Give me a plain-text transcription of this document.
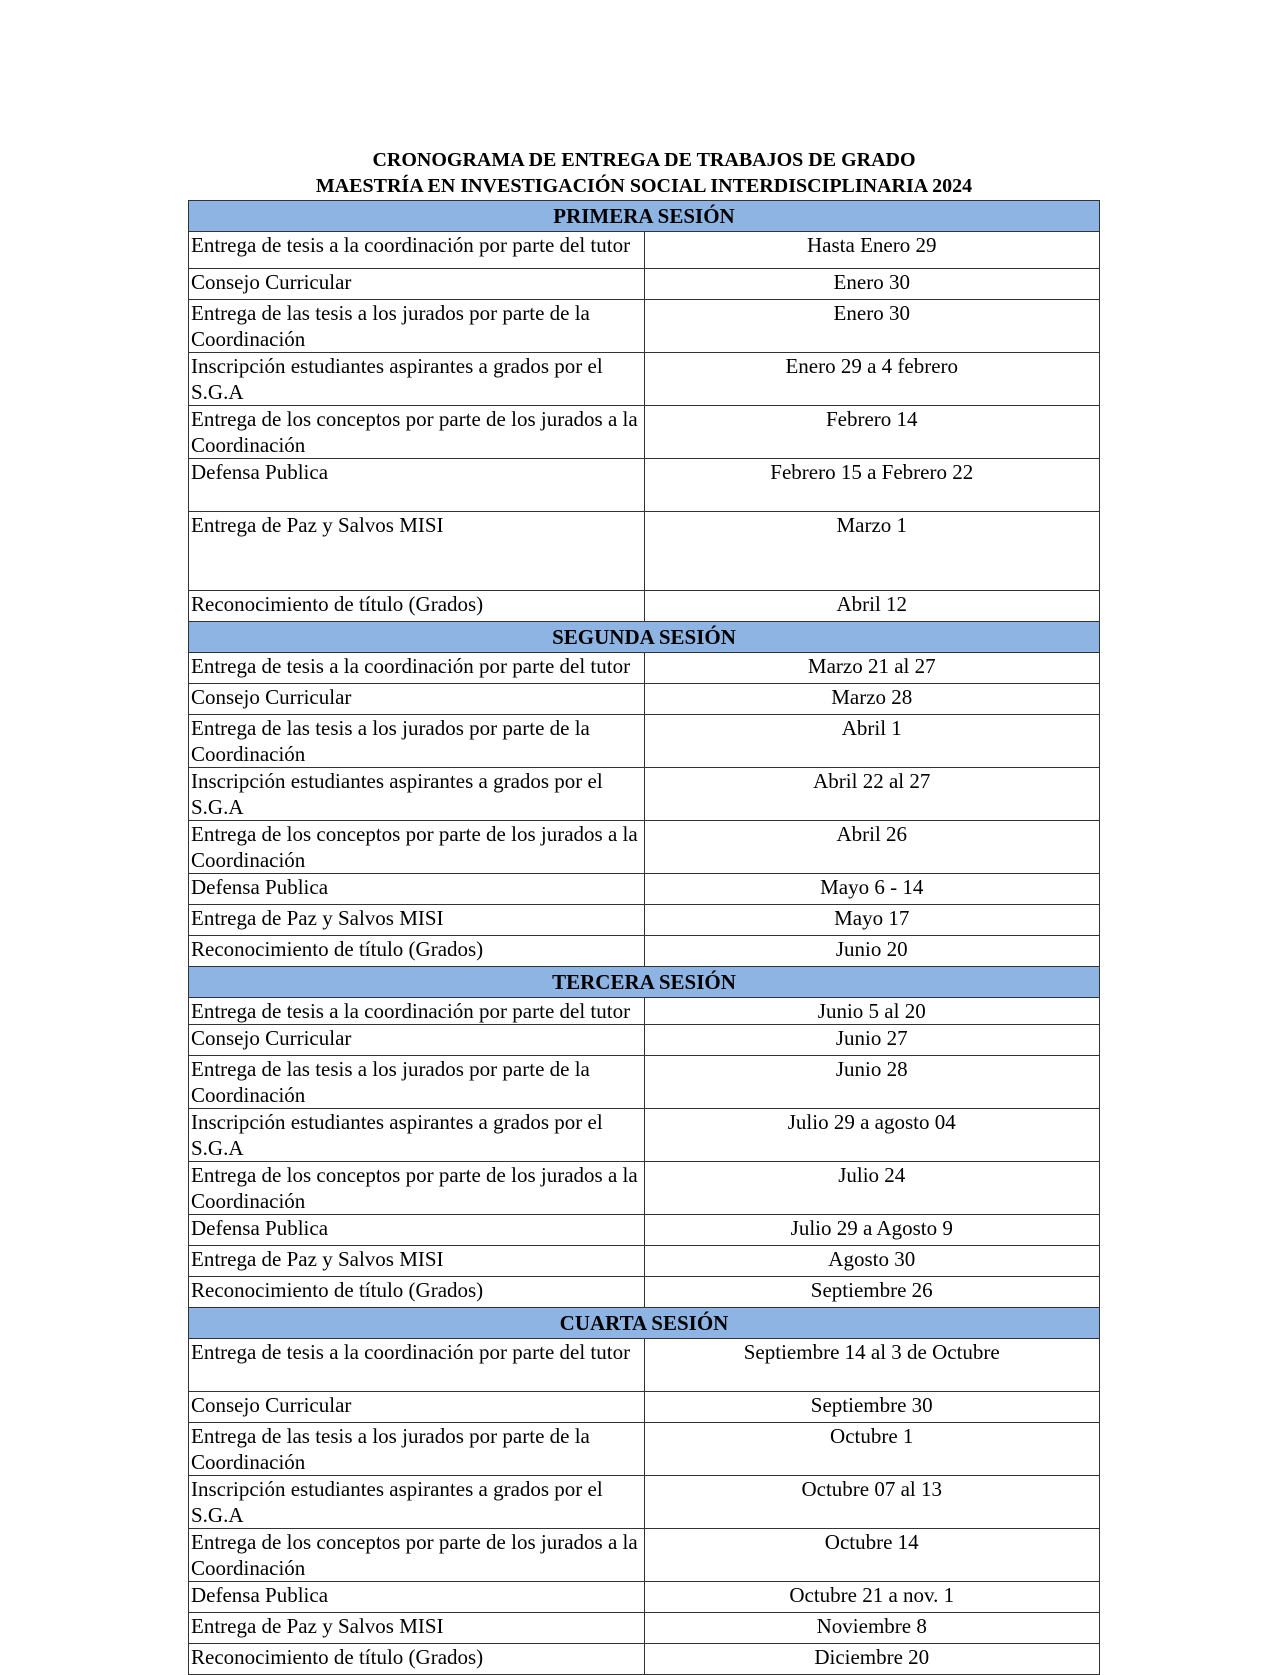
CRONOGRAMA DE ENTREGA DE TRABAJOS DE GRADO
MAESTRÍA EN INVESTIGACIÓN SOCIAL INTERDISCIPLINARIA 2024
PRIMERA SESIÓN	
Entrega de tesis a la coordinación por parte del tutor	Hasta Enero 29
Consejo Curricular	Enero 30
Entrega de las tesis a los jurados por parte de la Coordinación	Enero 30
Inscripción estudiantes aspirantes a grados por el S.G.A	Enero 29 a 4 febrero
Entrega de los conceptos por parte de los jurados a la Coordinación	Febrero 14
Defensa Publica	Febrero 15 a Febrero 22
Entrega de Paz y Salvos MISI	Marzo 1
Reconocimiento de título (Grados)	Abril 12
SEGUNDA SESIÓN	
Entrega de tesis a la coordinación por parte del tutor	Marzo 21 al 27
Consejo Curricular	Marzo 28
Entrega de las tesis a los jurados por parte de la Coordinación	Abril 1
Inscripción estudiantes aspirantes a grados por el S.G.A	Abril 22 al 27
Entrega de los conceptos por parte de los jurados a la Coordinación	Abril 26
Defensa Publica	Mayo 6 - 14
Entrega de Paz y Salvos MISI	Mayo 17
Reconocimiento de título (Grados)	Junio 20
TERCERA SESIÓN	
Entrega de tesis a la coordinación por parte del tutor	Junio 5 al 20
Consejo Curricular	Junio 27
Entrega de las tesis a los jurados por parte de la Coordinación	Junio 28
Inscripción estudiantes aspirantes a grados por el S.G.A	Julio 29 a agosto 04
Entrega de los conceptos por parte de los jurados a la Coordinación	Julio 24
Defensa Publica	Julio 29 a Agosto 9
Entrega de Paz y Salvos MISI	Agosto 30
Reconocimiento de título (Grados)	Septiembre 26
CUARTA SESIÓN	
Entrega de tesis a la coordinación por parte del tutor	Septiembre 14 al 3 de Octubre
Consejo Curricular	Septiembre 30
Entrega de las tesis a los jurados por parte de la Coordinación	Octubre 1
Inscripción estudiantes aspirantes a grados por el S.G.A	Octubre 07 al 13
Entrega de los conceptos por parte de los jurados a la Coordinación	Octubre 14
Defensa Publica	Octubre 21 a nov. 1
Entrega de Paz y Salvos MISI	Noviembre 8
Reconocimiento de título (Grados)	Diciembre 20
